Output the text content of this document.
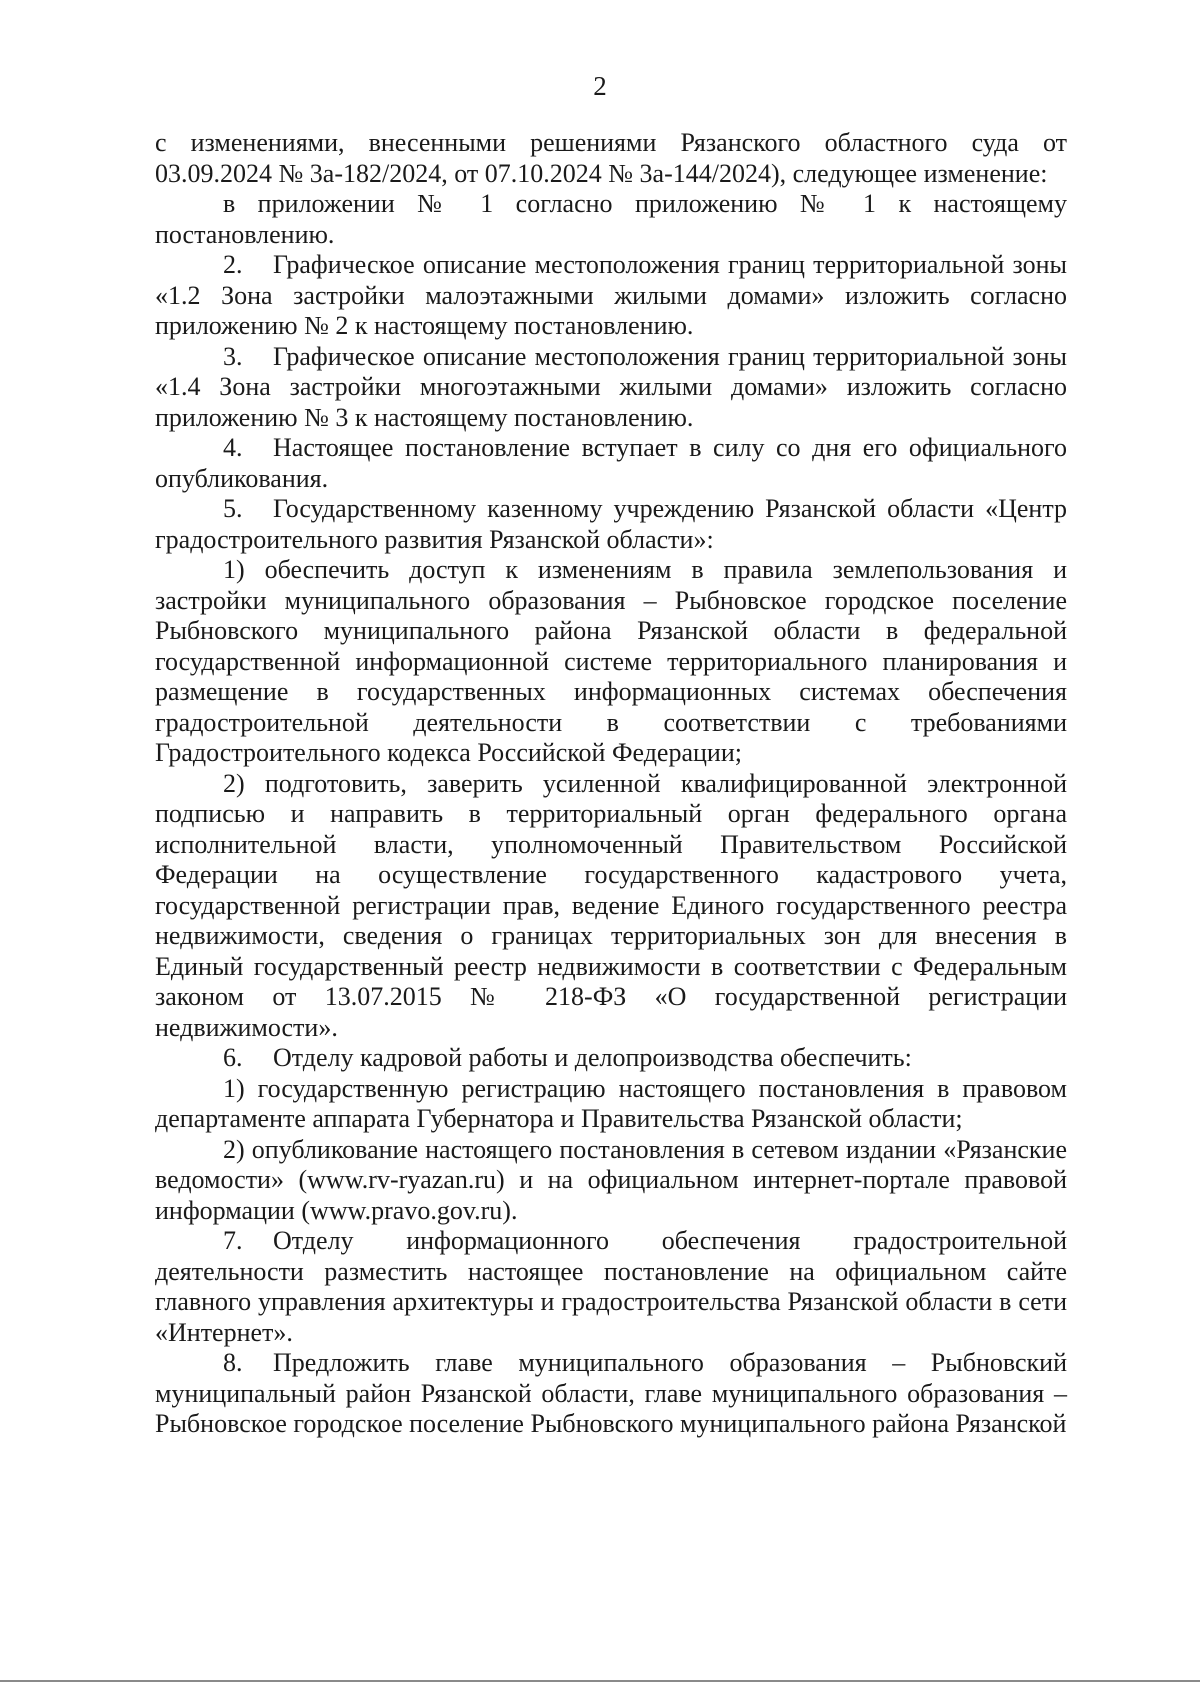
2

с изменениями, внесенными решениями Рязанского областного суда от 03.09.2024 № 3а-182/2024, от 07.10.2024 № 3а-144/2024), следующее изменение:

в приложении № 1 согласно приложению № 1 к настоящему постановлению.

2. Графическое описание местоположения границ территориальной зоны «1.2 Зона застройки малоэтажными жилыми домами» изложить согласно приложению № 2 к настоящему постановлению.

3. Графическое описание местоположения границ территориальной зоны «1.4 Зона застройки многоэтажными жилыми домами» изложить согласно приложению № 3 к настоящему постановлению.

4. Настоящее постановление вступает в силу со дня его официального опубликования.

5. Государственному казенному учреждению Рязанской области «Центр градостроительного развития Рязанской области»:

1) обеспечить доступ к изменениям в правила землепользования и застройки муниципального образования – Рыбновское городское поселение Рыбновского муниципального района Рязанской области в федеральной государственной информационной системе территориального планирования и размещение в государственных информационных системах обеспечения градостроительной деятельности в соответствии с требованиями Градостроительного кодекса Российской Федерации;

2) подготовить, заверить усиленной квалифицированной электронной подписью и направить в территориальный орган федерального органа исполнительной власти, уполномоченный Правительством Российской Федерации на осуществление государственного кадастрового учета, государственной регистрации прав, ведение Единого государственного реестра недвижимости, сведения о границах территориальных зон для внесения в Единый государственный реестр недвижимости в соответствии с Федеральным законом от 13.07.2015 № 218-ФЗ «О государственной регистрации недвижимости».

6. Отделу кадровой работы и делопроизводства обеспечить:

1) государственную регистрацию настоящего постановления в правовом департаменте аппарата Губернатора и Правительства Рязанской области;

2) опубликование настоящего постановления в сетевом издании «Рязанские ведомости» (www.rv-ryazan.ru) и на официальном интернет-портале правовой информации (www.pravo.gov.ru).

7. Отделу информационного обеспечения градостроительной деятельности разместить настоящее постановление на официальном сайте главного управления архитектуры и градостроительства Рязанской области в сети «Интернет».

8. Предложить главе муниципального образования – Рыбновский муниципальный район Рязанской области, главе муниципального образования – Рыбновское городское поселение Рыбновского муниципального района Рязанской
